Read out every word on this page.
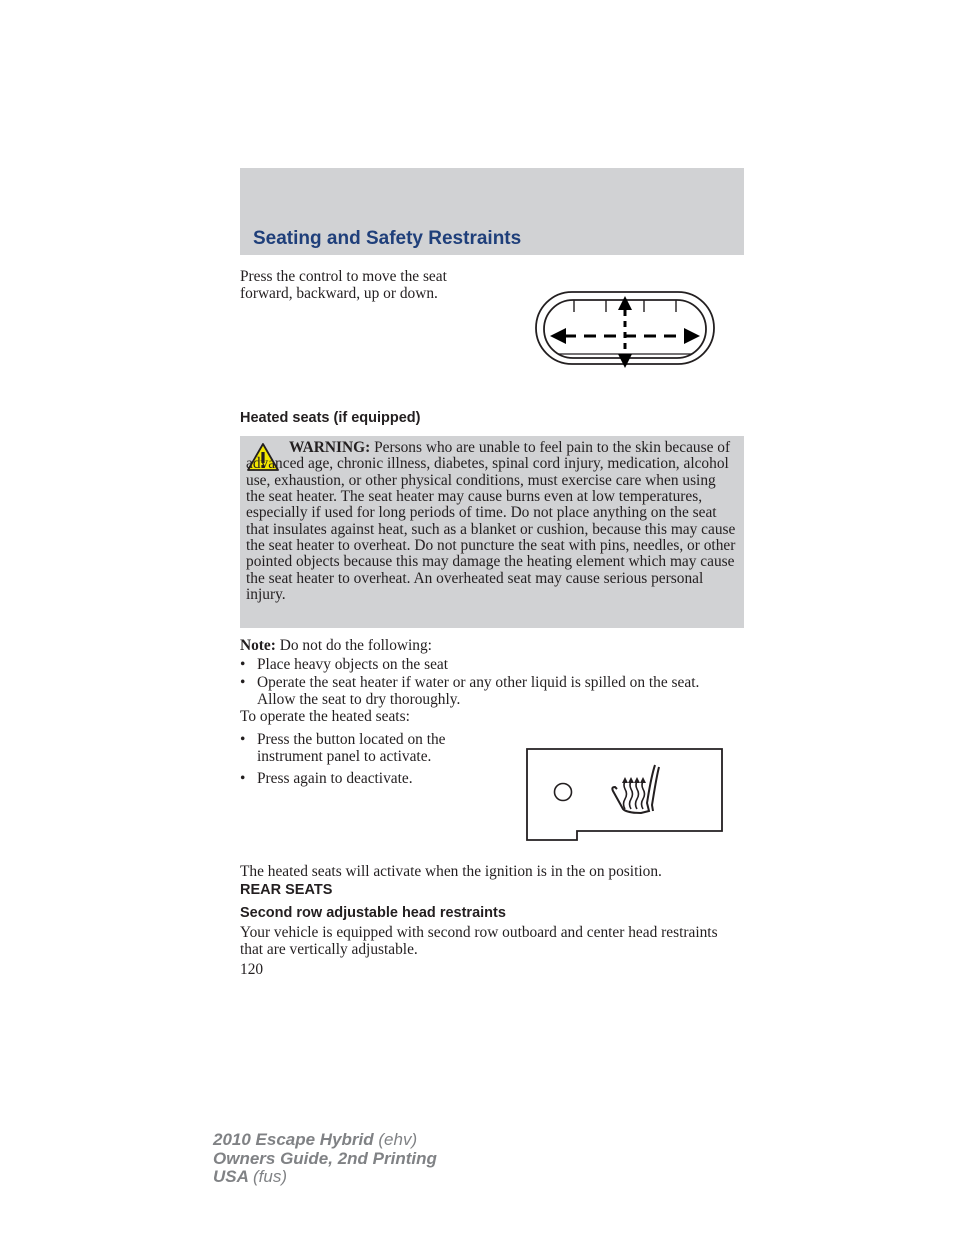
Seating and Safety Restraints
Press the control to move the seat forward, backward, up or down.
Heated seats (if equipped)
WARNING: Persons who are unable to feel pain to the skin because of advanced age, chronic illness, diabetes, spinal cord injury, medication, alcohol use, exhaustion, or other physical conditions, must exercise care when using the seat heater. The seat heater may cause burns even at low temperatures, especially if used for long periods of time. Do not place anything on the seat that insulates against heat, such as a blanket or cushion, because this may cause the seat heater to overheat. Do not puncture the seat with pins, needles, or other pointed objects because this may damage the heating element which may cause the seat heater to overheat. An overheated seat may cause serious personal injury.
Note: Do not do the following:
• Place heavy objects on the seat
• Operate the seat heater if water or any other liquid is spilled on the seat. Allow the seat to dry thoroughly.
To operate the heated seats:
• Press the button located on the instrument panel to activate.
• Press again to deactivate.
The heated seats will activate when the ignition is in the on position.
REAR SEATS
Second row adjustable head restraints
Your vehicle is equipped with second row outboard and center head restraints that are vertically adjustable.
120
2010 Escape Hybrid (ehv)
Owners Guide, 2nd Printing
USA (fus)
